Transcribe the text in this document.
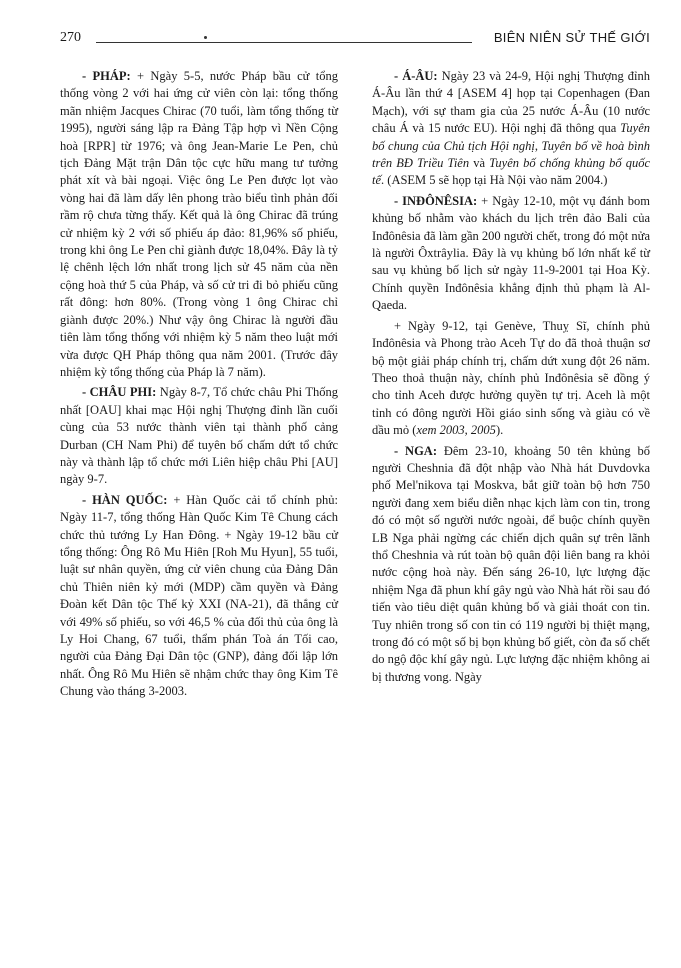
270	BIÊN NIÊN SỬ THẾ GIỚI

- PHÁP: + Ngày 5-5, nước Pháp bầu cử tổng thống vòng 2 với hai ứng cử viên còn lại: tổng thống mãn nhiệm Jacques Chirac (70 tuổi, làm tổng thống từ 1995), người sáng lập ra Đảng Tập hợp vì Nền Cộng hoà [RPR] từ 1976; và ông Jean-Marie Le Pen, chủ tịch Đảng Mặt trận Dân tộc cực hữu mang tư tưởng phát xít và bài ngoại. Việc ông Le Pen được lọt vào vòng hai đã làm dấy lên phong trào biểu tình phản đối rầm rộ chưa từng thấy. Kết quả là ông Chirac đã trúng cử nhiệm kỳ 2 với số phiếu áp đảo: 81,96% số phiếu, trong khi ông Le Pen chỉ giành được 18,04%. Đây là tỷ lệ chênh lệch lớn nhất trong lịch sử 45 năm của nền cộng hoà thứ 5 của Pháp, và số cử tri đi bỏ phiếu cũng rất đông: hơn 80%. (Trong vòng 1 ông Chirac chỉ giành được 20%.) Như vậy ông Chirac là người đầu tiên làm tổng thống với nhiệm kỳ 5 năm theo luật mới vừa được QH Pháp thông qua năm 2001. (Trước đây nhiệm kỳ tổng thống của Pháp là 7 năm).

- CHÂU PHI: Ngày 8-7, Tổ chức châu Phi Thống nhất [OAU] khai mạc Hội nghị Thượng đỉnh lần cuối cùng của 53 nước thành viên tại thành phố cảng Durban (CH Nam Phi) để tuyên bố chấm dứt tổ chức này và thành lập tổ chức mới Liên hiệp châu Phi [AU] ngày 9-7.

- HÀN QUỐC: + Hàn Quốc cải tổ chính phủ: Ngày 11-7, tổng thống Hàn Quốc Kim Tê Chung cách chức thủ tướng Ly Han Đông. + Ngày 19-12 bầu cử tổng thống: Ông Rô Mu Hiên [Roh Mu Hyun], 55 tuổi, luật sư nhân quyền, ứng cử viên chung của Đảng Dân chủ Thiên niên kỷ mới (MDP) cầm quyền và Đảng Đoàn kết Dân tộc Thế kỷ XXI (NA-21), đã thắng cử với 49% số phiếu, so với 46,5 % của đối thủ của ông là Ly Hoi Chang, 67 tuổi, thẩm phán Toà án Tối cao, người của Đảng Đại Dân tộc (GNP), đảng đối lập lớn nhất. Ông Rô Mu Hiên sẽ nhậm chức thay ông Kim Tê Chung vào tháng 3-2003.

- Á-ÂU: Ngày 23 và 24-9, Hội nghị Thượng đỉnh Á-Âu lần thứ 4 [ASEM 4] họp tại Copenhagen (Đan Mạch), với sự tham gia của 25 nước Á-Âu (10 nước châu Á và 15 nước EU). Hội nghị đã thông qua Tuyên bố chung của Chủ tịch Hội nghị, Tuyên bố về hoà bình trên BĐ Triều Tiên và Tuyên bố chống khủng bố quốc tế. (ASEM 5 sẽ họp tại Hà Nội vào năm 2004.)

- INĐÔNÊSIA: + Ngày 12-10, một vụ đánh bom khủng bố nhằm vào khách du lịch trên đảo Bali của Inđônêsia đã làm gần 200 người chết, trong đó một nửa là người Ôxtrâylia. Đây là vụ khủng bố lớn nhất kể từ sau vụ khủng bố lịch sử ngày 11-9-2001 tại Hoa Kỳ. Chính quyền Inđônêsia khẳng định thủ phạm là Al-Qaeda.

+ Ngày 9-12, tại Genève, Thuỵ Sĩ, chính phủ Inđônêsia và Phong trào Aceh Tự do đã thoả thuận sơ bộ một giải pháp chính trị, chấm dứt xung đột 26 năm. Theo thoả thuận này, chính phủ Inđônêsia sẽ đồng ý cho tỉnh Aceh được hưởng quyền tự trị. Aceh là một tỉnh có đông người Hồi giáo sinh sống và giàu có về dầu mỏ (xem 2003, 2005).

- NGA: Đêm 23-10, khoảng 50 tên khủng bố người Cheshnia đã đột nhập vào Nhà hát Duvdovka phố Mel'nikova tại Moskva, bắt giữ toàn bộ hơn 750 người đang xem biểu diễn nhạc kịch làm con tin, trong đó có một số người nước ngoài, để buộc chính quyền LB Nga phải ngừng các chiến dịch quân sự trên lãnh thổ Cheshnia và rút toàn bộ quân đội liên bang ra khỏi nước cộng hoà này. Đến sáng 26-10, lực lượng đặc nhiệm Nga đã phun khí gây ngủ vào Nhà hát rồi sau đó tiến vào tiêu diệt quân khủng bố và giải thoát con tin. Tuy nhiên trong số con tin có 119 người bị thiệt mạng, trong đó có một số bị bọn khủng bố giết, còn đa số chết do ngộ độc khí gây ngủ. Lực lượng đặc nhiệm không ai bị thương vong. Ngày
